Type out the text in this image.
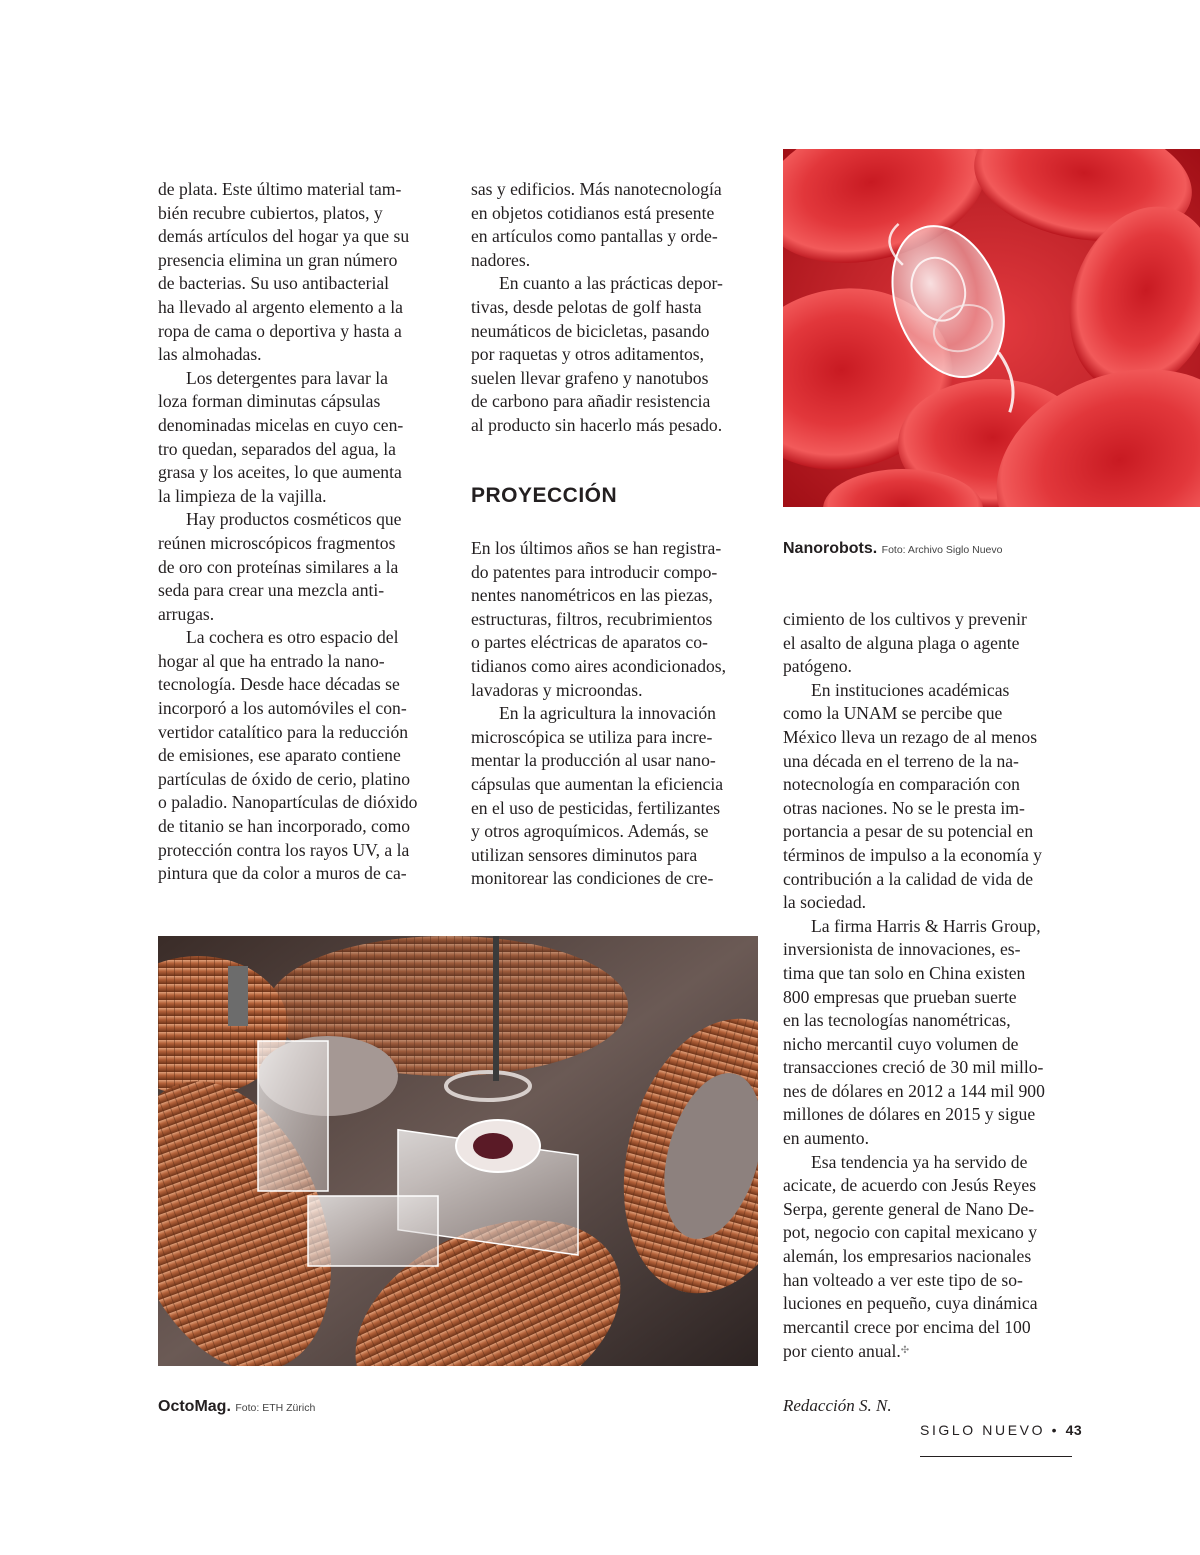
de plata. Este último material tam-
bién recubre cubiertos, platos, y
demás artículos del hogar ya que su
presencia elimina un gran número
de bacterias. Su uso antibacterial
ha llevado al argento elemento a la
ropa de cama o deportiva y hasta a
las almohadas.
Los detergentes para lavar la
loza forman diminutas cápsulas
denominadas micelas en cuyo cen-
tro quedan, separados del agua, la
grasa y los aceites, lo que aumenta
la limpieza de la vajilla.
Hay productos cosméticos que
reúnen microscópicos fragmentos
de oro con proteínas similares a la
seda para crear una mezcla anti-
arrugas.
La cochera es otro espacio del
hogar al que ha entrado la nano-
tecnología. Desde hace décadas se
incorporó a los automóviles el con-
vertidor catalítico para la reducción
de emisiones, ese aparato contiene
partículas de óxido de cerio, platino
o paladio. Nanopartículas de dióxido
de titanio se han incorporado, como
protección contra los rayos UV, a la
pintura que da color a muros de ca-
sas y edificios. Más nanotecnología
en objetos cotidianos está presente
en artículos como pantallas y orde-
nadores.
En cuanto a las prácticas depor-
tivas, desde pelotas de golf hasta
neumáticos de bicicletas, pasando
por raquetas y otros aditamentos,
suelen llevar grafeno y nanotubos
de carbono para añadir resistencia
al producto sin hacerlo más pesado.
PROYECCIÓN
En los últimos años se han registra-
do patentes para introducir compo-
nentes nanométricos en las piezas,
estructuras, filtros, recubrimientos
o partes eléctricas de aparatos co-
tidianos como aires acondicionados,
lavadoras y microondas.
En la agricultura la innovación
microscópica se utiliza para incre-
mentar la producción al usar nano-
cápsulas que aumentan la eficiencia
en el uso de pesticidas, fertilizantes
y otros agroquímicos. Además, se
utilizan sensores diminutos para
monitorear las condiciones de cre-
Nanorobots. Foto: Archivo Siglo Nuevo
cimiento de los cultivos y prevenir
el asalto de alguna plaga o agente
patógeno.
En instituciones académicas
como la UNAM se percibe que
México lleva un rezago de al menos
una década en el terreno de la na-
notecnología en comparación con
otras naciones. No se le presta im-
portancia a pesar de su potencial en
términos de impulso a la economía y
contribución a la calidad de vida de
la sociedad.
La firma Harris & Harris Group,
inversionista de innovaciones, es-
tima que tan solo en China existen
800 empresas que prueban suerte
en las tecnologías nanométricas,
nicho mercantil cuyo volumen de
transacciones creció de 30 mil millo-
nes de dólares en 2012 a 144 mil 900
millones de dólares en 2015 y sigue
en aumento.
Esa tendencia ya ha servido de
acicate, de acuerdo con Jesús Reyes
Serpa, gerente general de Nano De-
pot, negocio con capital mexicano y
alemán, los empresarios nacionales
han volteado a ver este tipo de so-
luciones en pequeño, cuya dinámica
mercantil crece por encima del 100
por ciento anual.✣
OctoMag. Foto: ETH Zürich	Redacción S. N.
SIGLO NUEVO • 43
